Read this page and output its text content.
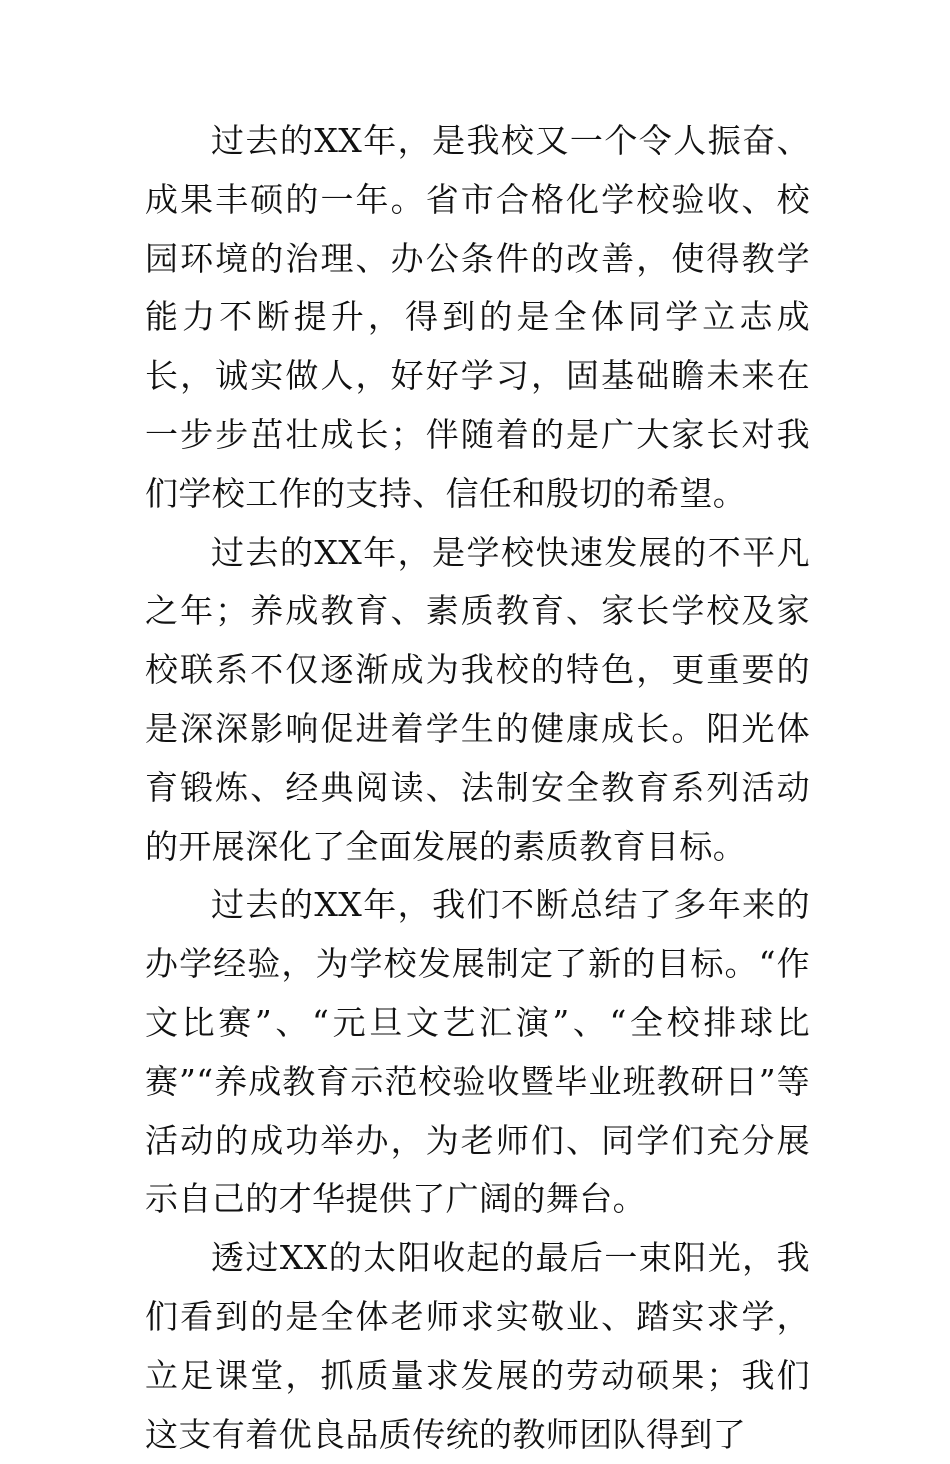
过去的XX年，是我校又一个令人振奋、成果丰硕的一年。省市合格化学校验收、校园环境的治理、办公条件的改善，使得教学能力不断提升，得到的是全体同学立志成长，诚实做人，好好学习，固基础瞻未来在一步步茁壮成长；伴随着的是广大家长对我们学校工作的支持、信任和殷切的希望。

过去的XX年，是学校快速发展的不平凡之年；养成教育、素质教育、家长学校及家校联系不仅逐渐成为我校的特色，更重要的是深深影响促进着学生的健康成长。阳光体育锻炼、经典阅读、法制安全教育系列活动的开展深化了全面发展的素质教育目标。

过去的XX年，我们不断总结了多年来的办学经验，为学校发展制定了新的目标。“作文比赛”、“元旦文艺汇演”、“全校排球比赛”“养成教育示范校验收暨毕业班教研日”等活动的成功举办，为老师们、同学们充分展示自己的才华提供了广阔的舞台。

透过XX的太阳收起的最后一束阳光，我们看到的是全体老师求实敬业、踏实求学，立足课堂，抓质量求发展的劳动硕果；我们这支有着优良品质传统的教师团队得到了
